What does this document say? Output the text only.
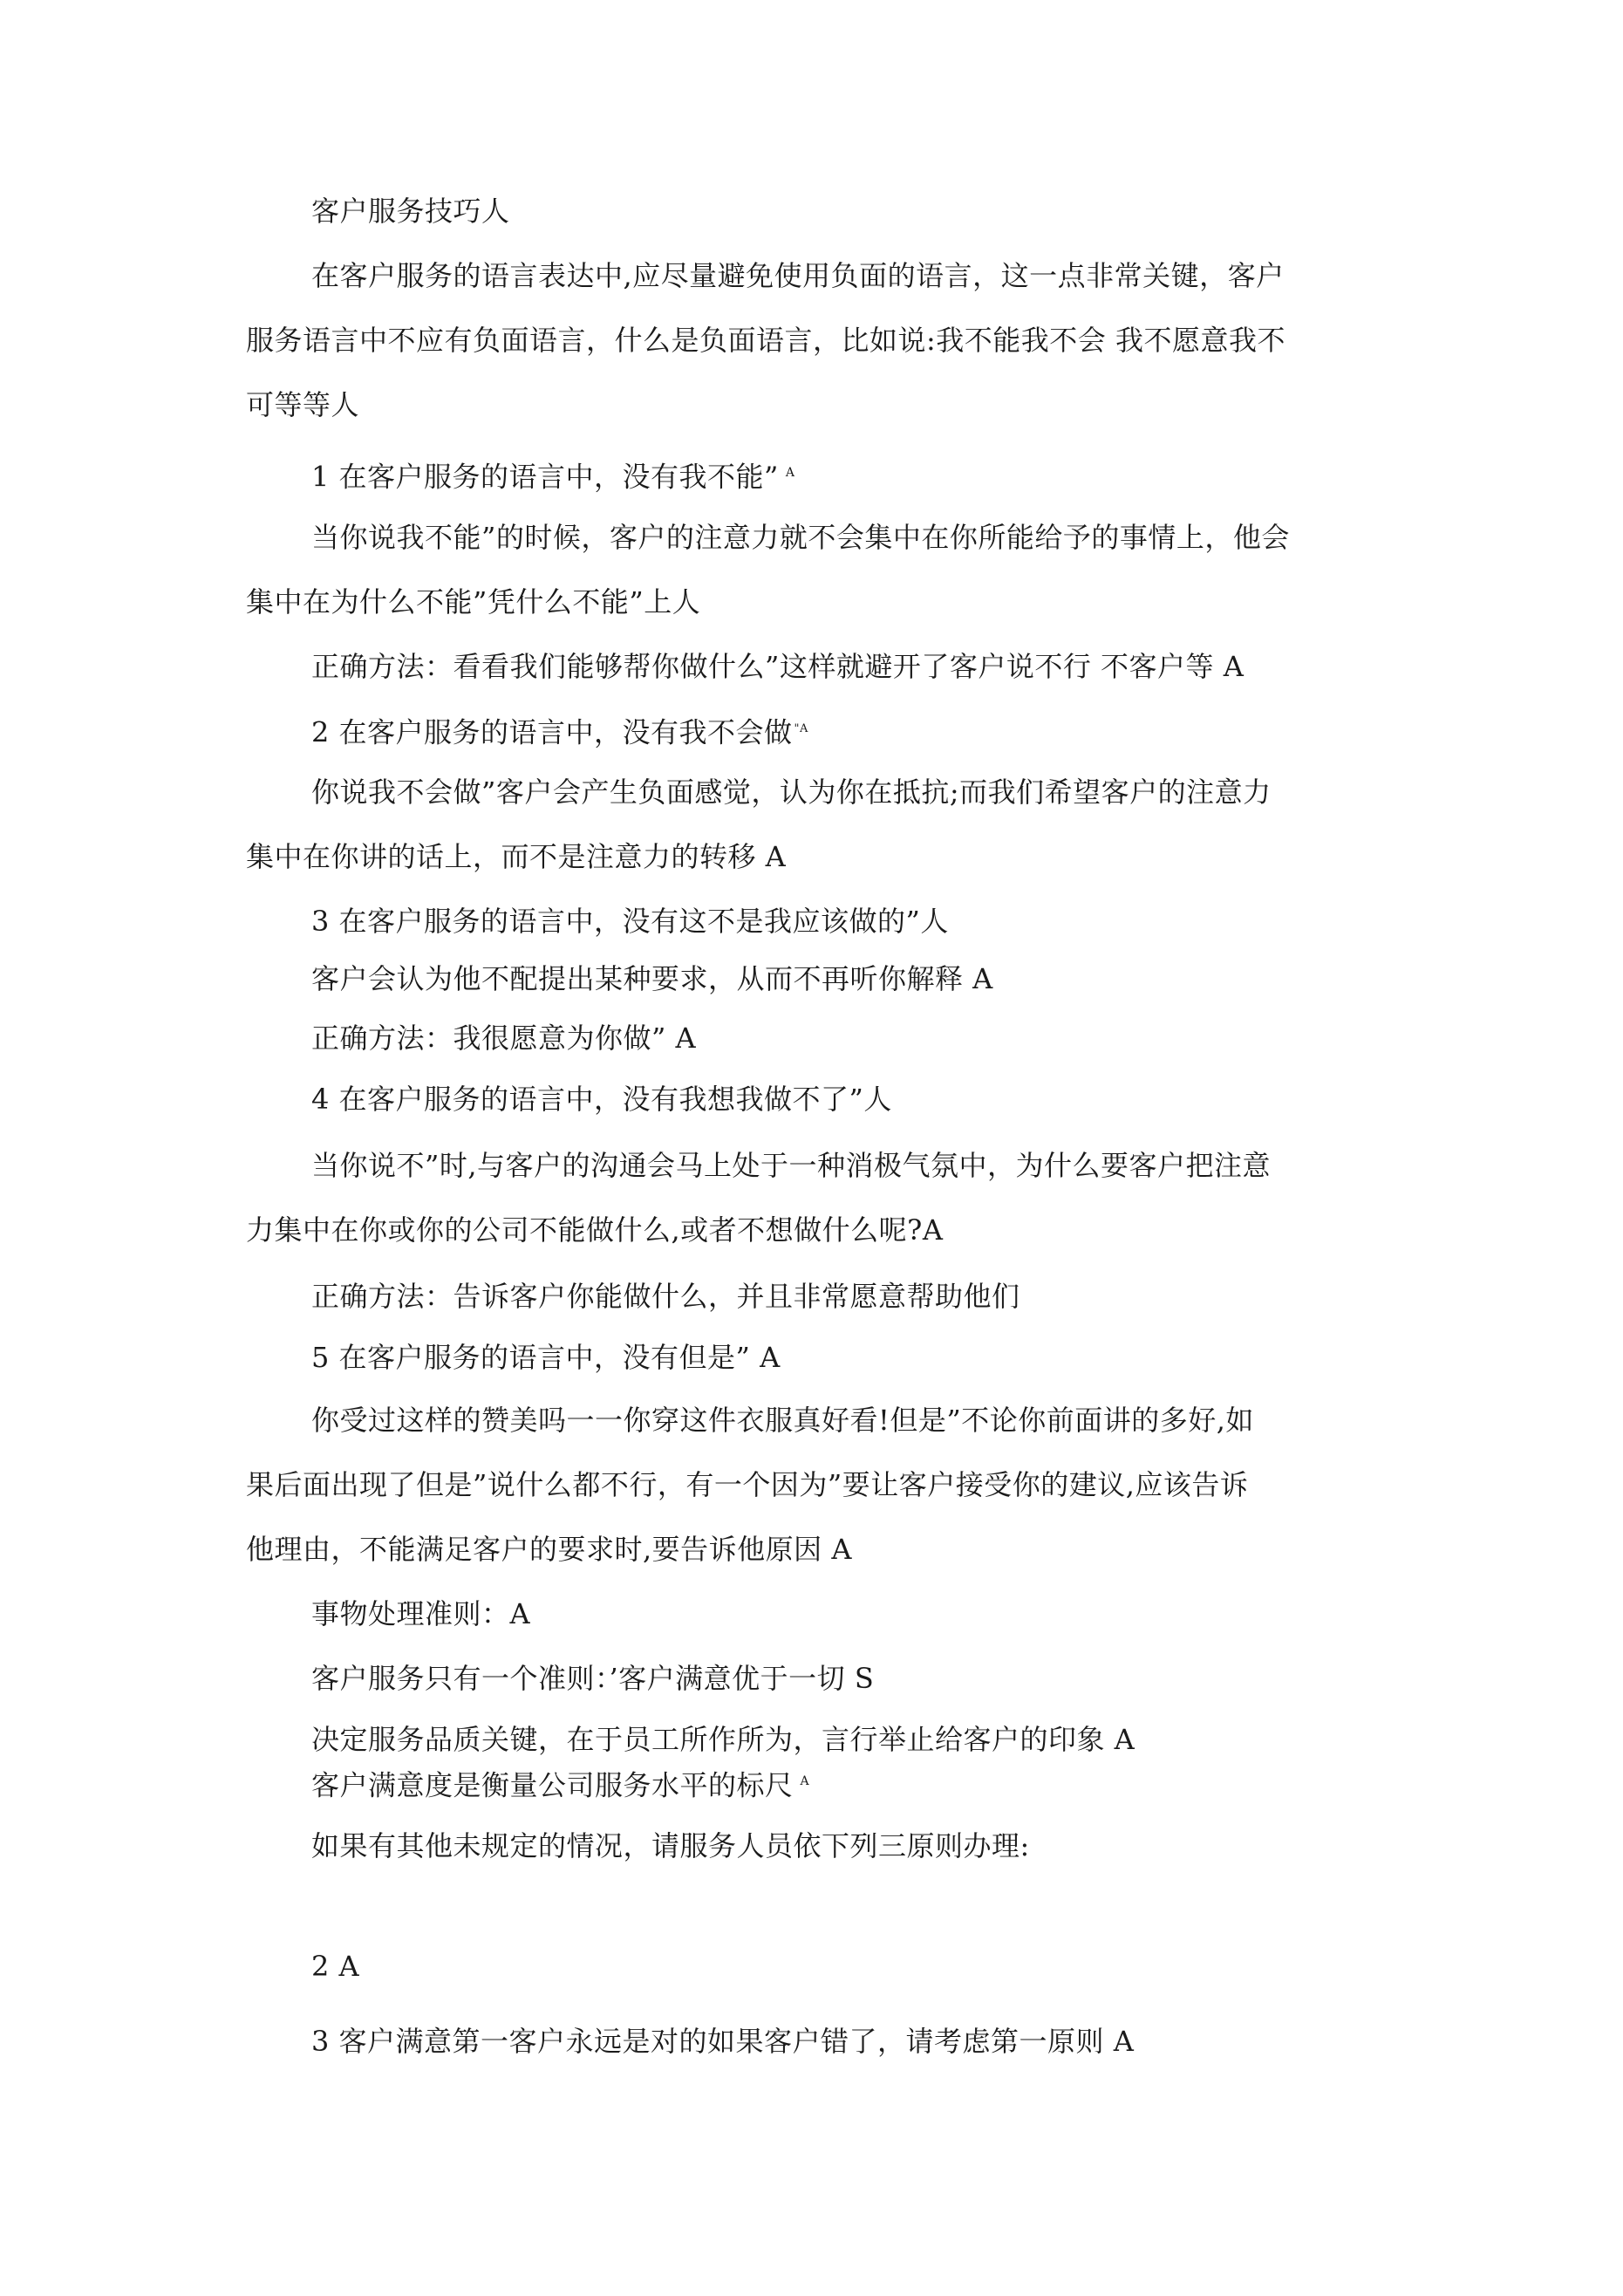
客户服务技巧人
在客户服务的语言表达中,应尽量避免使用负面的语言，这一点非常关键，客户
服务语言中不应有负面语言，什么是负面语言，比如说:我不能我不会 我不愿意我不
可等等人
1 在客户服务的语言中，没有我不能” $^A$
当你说我不能”的时候，客户的注意力就不会集中在你所能给予的事情上，他会
集中在为什么不能”凭什么不能”上人
正确方法：看看我们能够帮你做什么”这样就避开了客户说不行 不客户等 A
2 在客户服务的语言中，没有我不会做 $^{"A}$
你说我不会做”客户会产生负面感觉，认为你在抵抗;而我们希望客户的注意力
集中在你讲的话上，而不是注意力的转移 A
3 在客户服务的语言中，没有这不是我应该做的”人
客户会认为他不配提出某种要求，从而不再听你解释 A
正确方法：我很愿意为你做” A
4 在客户服务的语言中，没有我想我做不了”人
当你说不”时,与客户的沟通会马上处于一种消极气氛中，为什么要客户把注意
力集中在你或你的公司不能做什么,或者不想做什么呢?A
正确方法：告诉客户你能做什么，并且非常愿意帮助他们
5 在客户服务的语言中，没有但是” A
你受过这样的赞美吗一一你穿这件衣服真好看!但是”不论你前面讲的多好,如
果后面出现了但是”说什么都不行，有一个因为”要让客户接受你的建议,应该告诉
他理由，不能满足客户的要求时,要告诉他原因 A
事物处理准则：A
客户服务只有一个准则：’客户满意优于一切 S
决定服务品质关键，在于员工所作所为，言行举止给客户的印象 A
客户满意度是衡量公司服务水平的标尺 $^A$
如果有其他未规定的情况，请服务人员依下列三原则办理:
2 A
3 客户满意第一客户永远是对的如果客户错了，请考虑第一原则 A
